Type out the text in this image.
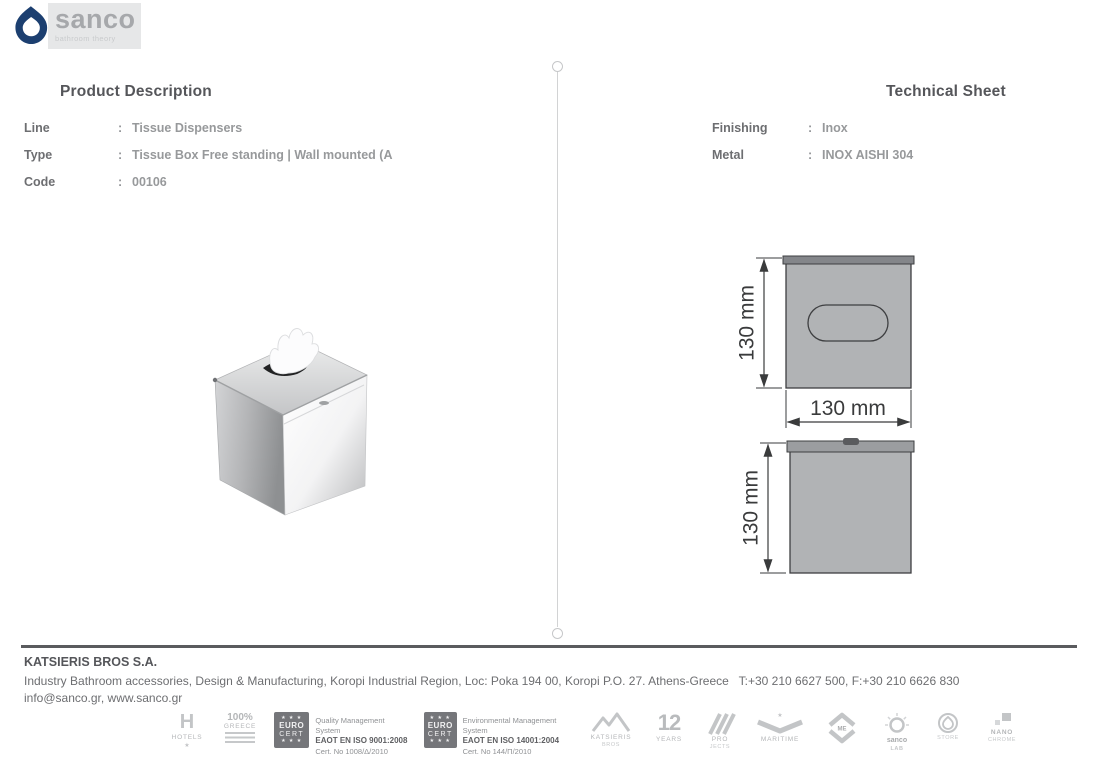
sanco
bathroom theory
Product Description
Line	: Tissue Dispensers
Type	: Tissue Box Free standing | Wall mounted (A
Code	: 00106
Technical Sheet
Finishing	: Inox
Metal	: INOX AISHI 304
130 mm
130 mm
130 mm
KATSIERIS BROS S.A.
Industry Bathroom accessories, Design & Manufacturing, Koropi Industrial Region, Loc: Poka 194 00, Koropi P.O. 27. Athens-Greece   T:+30 210 6627 500, F:+30 210 6626 830
info@sanco.gr, www.sanco.gr
H
HOTELS
★
100%
GREECE
★ ★ ★
EURO
CERT
★ ★ ★
Quality Management System
EAOT EN ISO 9001:2008
Cert. No 1008/Δ/2010
★ ★ ★
EURO
CERT
★ ★ ★
Environmental Management System
EAOT EN ISO 14001:2004
Cert. No 144/Π/2010
KATSIERIS
BROS
12
YEARS	PRO
JECTS
★
MARITIME
ME
sanco
LAB
STORE
NANO
CHROME
